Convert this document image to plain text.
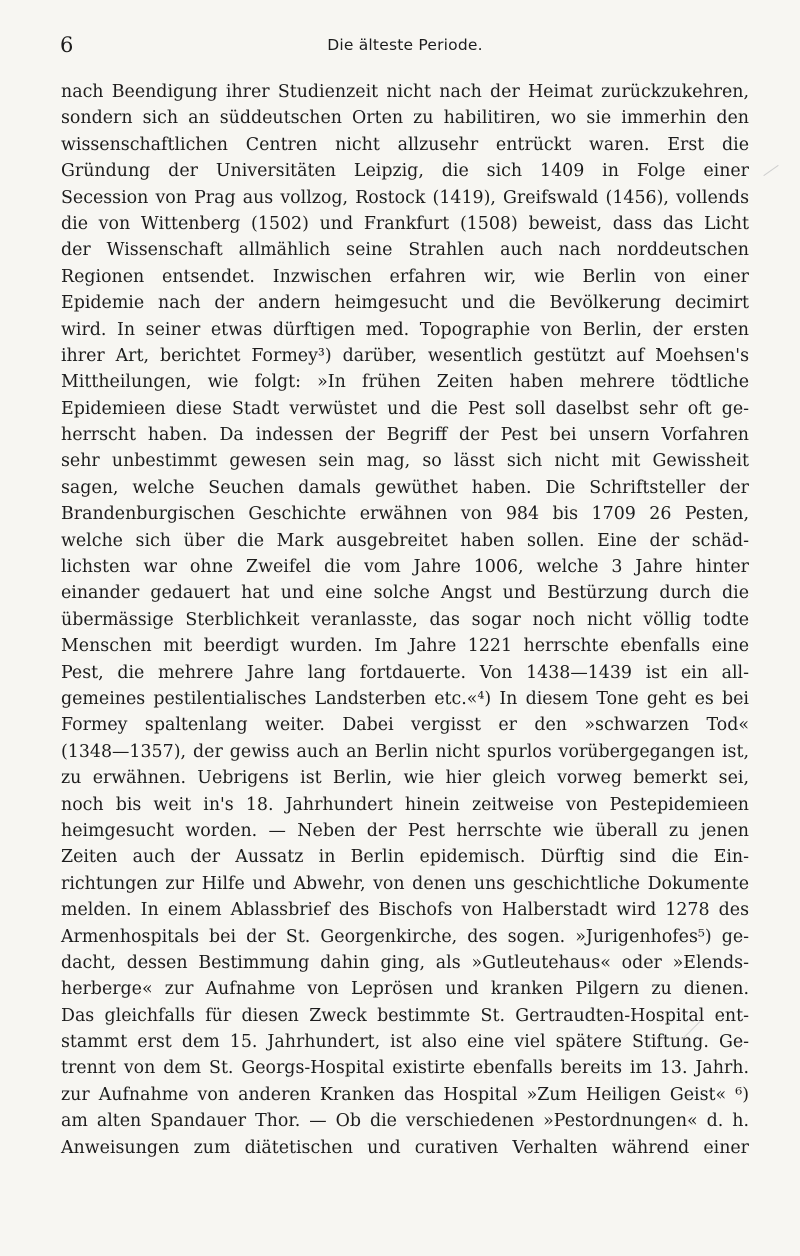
6	Die älteste Periode.
nach Beendigung ihrer Studienzeit nicht nach der Heimat zurückzukehren,
sondern sich an süddeutschen Orten zu habilitiren, wo sie immerhin den
wissenschaftlichen Centren nicht allzusehr entrückt waren. Erst die
Gründung der Universitäten Leipzig, die sich 1409 in Folge einer
Secession von Prag aus vollzog, Rostock (1419), Greifswald (1456), vollends
die von Wittenberg (1502) und Frankfurt (1508) beweist, dass das Licht
der Wissenschaft allmählich seine Strahlen auch nach norddeutschen
Regionen entsendet. Inzwischen erfahren wir, wie Berlin von einer
Epidemie nach der andern heimgesucht und die Bevölkerung decimirt
wird. In seiner etwas dürftigen med. Topographie von Berlin, der ersten
ihrer Art, berichtet Formey³) darüber, wesentlich gestützt auf Moehsen's
Mittheilungen, wie folgt: »In frühen Zeiten haben mehrere tödtliche
Epidemieen diese Stadt verwüstet und die Pest soll daselbst sehr oft ge-
herrscht haben. Da indessen der Begriff der Pest bei unsern Vorfahren
sehr unbestimmt gewesen sein mag, so lässt sich nicht mit Gewissheit
sagen, welche Seuchen damals gewüthet haben. Die Schriftsteller der
Brandenburgischen Geschichte erwähnen von 984 bis 1709 26 Pesten,
welche sich über die Mark ausgebreitet haben sollen. Eine der schäd-
lichsten war ohne Zweifel die vom Jahre 1006, welche 3 Jahre hinter
einander gedauert hat und eine solche Angst und Bestürzung durch die
übermässige Sterblichkeit veranlasste, das sogar noch nicht völlig todte
Menschen mit beerdigt wurden. Im Jahre 1221 herrschte ebenfalls eine
Pest, die mehrere Jahre lang fortdauerte. Von 1438—1439 ist ein all-
gemeines pestilentialisches Landsterben etc.«⁴) In diesem Tone geht es bei
Formey spaltenlang weiter. Dabei vergisst er den »schwarzen Tod«
(1348—1357), der gewiss auch an Berlin nicht spurlos vorübergegangen ist,
zu erwähnen. Uebrigens ist Berlin, wie hier gleich vorweg bemerkt sei,
noch bis weit in's 18. Jahrhundert hinein zeitweise von Pestepidemieen
heimgesucht worden. — Neben der Pest herrschte wie überall zu jenen
Zeiten auch der Aussatz in Berlin epidemisch. Dürftig sind die Ein-
richtungen zur Hilfe und Abwehr, von denen uns geschichtliche Dokumente
melden. In einem Ablassbrief des Bischofs von Halberstadt wird 1278 des
Armenhospitals bei der St. Georgenkirche, des sogen. »Jurigenhofes⁵) ge-
dacht, dessen Bestimmung dahin ging, als »Gutleutehaus« oder »Elends-
herberge« zur Aufnahme von Leprösen und kranken Pilgern zu dienen.
Das gleichfalls für diesen Zweck bestimmte St. Gertraudten-Hospital ent-
stammt erst dem 15. Jahrhundert, ist also eine viel spätere Stiftung. Ge-
trennt von dem St. Georgs-Hospital existirte ebenfalls bereits im 13. Jahrh.
zur Aufnahme von anderen Kranken das Hospital »Zum Heiligen Geist« ⁶)
am alten Spandauer Thor. — Ob die verschiedenen »Pestordnungen« d. h.
Anweisungen zum diätetischen und curativen Verhalten während einer
